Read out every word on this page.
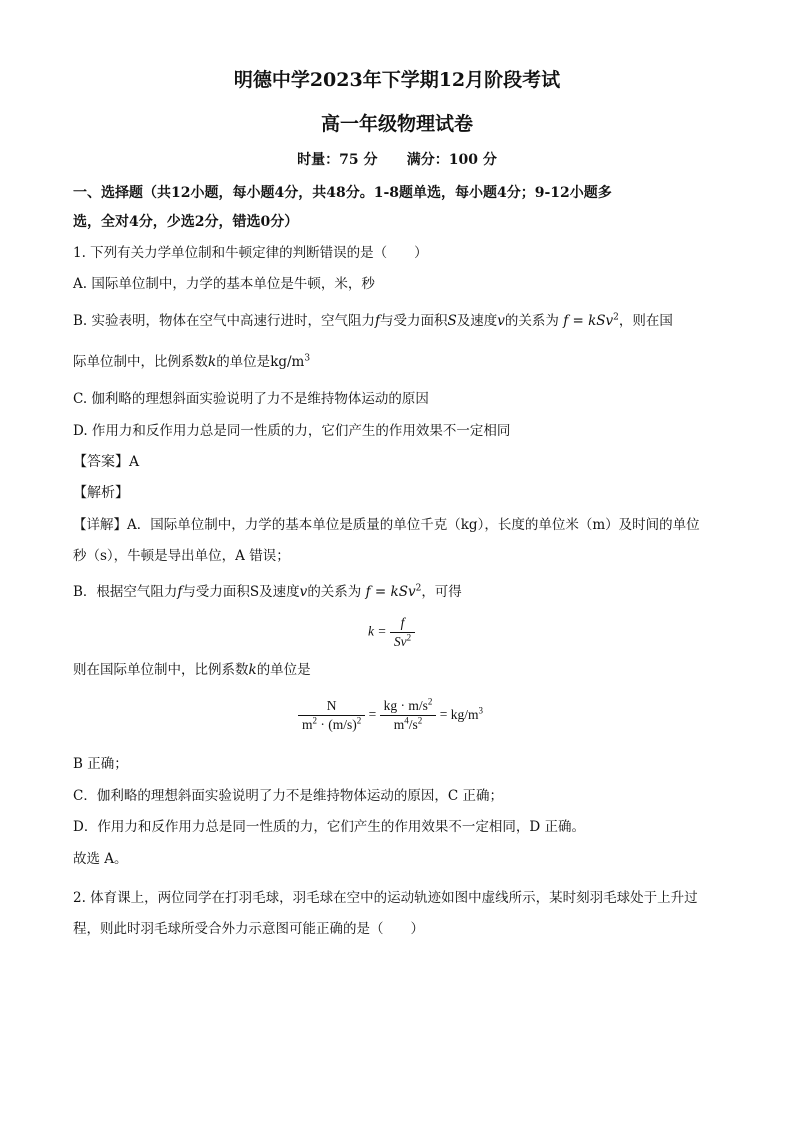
明德中学2023年下学期12月阶段考试
高一年级物理试卷
时量：75 分      满分：100 分
一、选择题（共12小题，每小题4分，共48分。1-8题单选，每小题4分；9-12小题多
选，全对4分，少选2分，错选0分）
1. 下列有关力学单位制和牛顿定律的判断错误的是（　　）
A. 国际单位制中，力学的基本单位是牛顿，米，秒
B. 实验表明，物体在空气中高速行进时，空气阻力f与受力面积S及速度v的关系为 f = kSv$^2$，则在国
际单位制中，比例系数k的单位是$kg/m^3$
C. 伽利略的理想斜面实验说明了力不是维持物体运动的原因
D. 作用力和反作用力总是同一性质的力，它们产生的作用效果不一定相同
【答案】A
【解析】
【详解】A．国际单位制中，力学的基本单位是质量的单位千克（kg），长度的单位米（m）及时间的单位
秒（s），牛顿是导出单位，A 错误；
B．根据空气阻力f与受力面积S及速度v的关系为 f = kSv$^2$，可得
$k = \frac{f}{Sv^2}$
则在国际单位制中，比例系数k的单位是
$\frac{N}{m^2 \cdot (m/s)^2} = \frac{kg \cdot m/s^2}{m^4/s^2} = kg/m^3$
B 正确；
C．伽利略的理想斜面实验说明了力不是维持物体运动的原因，C 正确；
D．作用力和反作用力总是同一性质的力，它们产生的作用效果不一定相同，D 正确。
故选 A。
2. 体育课上，两位同学在打羽毛球，羽毛球在空中的运动轨迹如图中虚线所示，某时刻羽毛球处于上升过
程，则此时羽毛球所受合外力示意图可能正确的是（　　）
